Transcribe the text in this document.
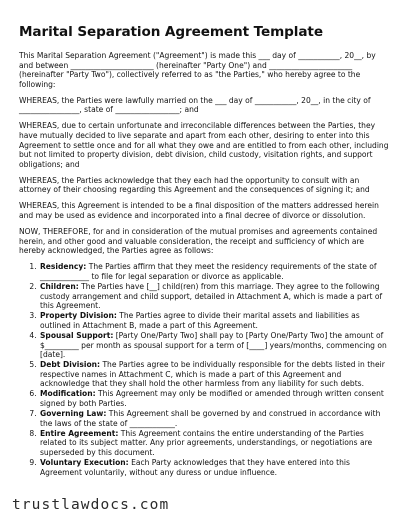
Marital Separation Agreement Template

This Marital Separation Agreement ("Agreement") is made this ___ day of ___________, 20__, by and between ______________________ (hereinafter "Party One") and ______________________ (hereinafter "Party Two"), collectively referred to as "the Parties," who hereby agree to the following:

WHEREAS, the Parties were lawfully married on the ___ day of ___________, 20__, in the city of ________________, state of _________________; and

WHEREAS, due to certain unfortunate and irreconcilable differences between the Parties, they have mutually decided to live separate and apart from each other, desiring to enter into this Agreement to settle once and for all what they owe and are entitled to from each other, including but not limited to property division, debt division, child custody, visitation rights, and support obligations; and

WHEREAS, the Parties acknowledge that they each had the opportunity to consult with an attorney of their choosing regarding this Agreement and the consequences of signing it; and

WHEREAS, this Agreement is intended to be a final disposition of the matters addressed herein and may be used as evidence and incorporated into a final decree of divorce or dissolution.

NOW, THEREFORE, for and in consideration of the mutual promises and agreements contained herein, and other good and valuable consideration, the receipt and sufficiency of which are hereby acknowledged, the Parties agree as follows:

1. Residency: The Parties affirm that they meet the residency requirements of the state of _____________ to file for legal separation or divorce as applicable.
2. Children: The Parties have [__] child(ren) from this marriage. They agree to the following custody arrangement and child support, detailed in Attachment A, which is made a part of this Agreement.
3. Property Division: The Parties agree to divide their marital assets and liabilities as outlined in Attachment B, made a part of this Agreement.
4. Spousal Support: [Party One/Party Two] shall pay to [Party One/Party Two] the amount of $_________ per month as spousal support for a term of [____] years/months, commencing on [date].
5. Debt Division: The Parties agree to be individually responsible for the debts listed in their respective names in Attachment C, which is made a part of this Agreement and acknowledge that they shall hold the other harmless from any liability for such debts.
6. Modification: This Agreement may only be modified or amended through written consent signed by both Parties.
7. Governing Law: This Agreement shall be governed by and construed in accordance with the laws of the state of ____________.
8. Entire Agreement: This Agreement contains the entire understanding of the Parties related to its subject matter. Any prior agreements, understandings, or negotiations are superseded by this document.
9. Voluntary Execution: Each Party acknowledges that they have entered into this Agreement voluntarily, without any duress or undue influence.
trustlawdocs.com
